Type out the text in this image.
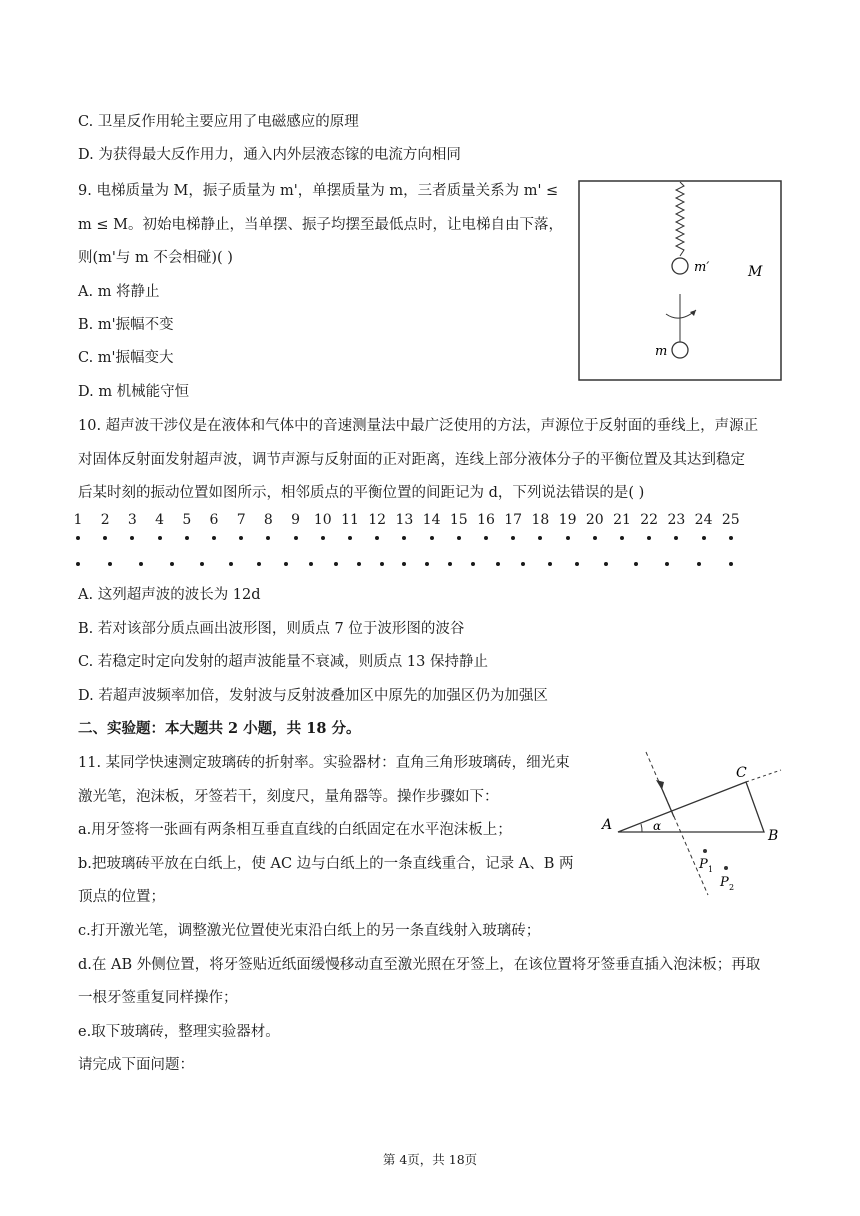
C. 卫星反作用轮主要应用了电磁感应的原理
D. 为获得最大反作用力，通入内外层液态镓的电流方向相同
9. 电梯质量为 M，振子质量为 m'，单摆质量为 m，三者质量关系为 m' ≤
m ≤ M。初始电梯静止，当单摆、振子均摆至最低点时，让电梯自由下落，
则(m'与 m 不会相碰)( )
A. m 将静止
B. m'振幅不变
C. m'振幅变大
D. m 机械能守恒
m′	M
m
10. 超声波干涉仪是在液体和气体中的音速测量法中最广泛使用的方法，声源位于反射面的垂线上，声源正
对固体反射面发射超声波，调节声源与反射面的正对距离，连线上部分液体分子的平衡位置及其达到稳定
后某时刻的振动位置如图所示，相邻质点的平衡位置的间距记为 d，下列说法错误的是( )
1 2 3 4 5 6 7 8 9 10 11 12 13 14 15 16 17 18 19 20 21 22 23 24 25
A. 这列超声波的波长为 12d
B. 若对该部分质点画出波形图，则质点 7 位于波形图的波谷
C. 若稳定时定向发射的超声波能量不衰减，则质点 13 保持静止
D. 若超声波频率加倍，发射波与反射波叠加区中原先的加强区仍为加强区
二、实验题：本大题共 2 小题，共 18 分。
11. 某同学快速测定玻璃砖的折射率。实验器材：直角三角形玻璃砖，细光束
激光笔，泡沫板，牙签若干，刻度尺，量角器等。操作步骤如下：
a.用牙签将一张画有两条相互垂直直线的白纸固定在水平泡沫板上；
b.把玻璃砖平放在白纸上，使 AC 边与白纸上的一条直线重合，记录 A、B 两
顶点的位置；
c.打开激光笔，调整激光位置使光束沿白纸上的另一条直线射入玻璃砖；
d.在 AB 外侧位置，将牙签贴近纸面缓慢移动直至激光照在牙签上，在该位置将牙签垂直插入泡沫板；再取
一根牙签重复同样操作；
e.取下玻璃砖，整理实验器材。
请完成下面问题：
α
A
B
C
P 1
P 2
第 4页，共 18页
